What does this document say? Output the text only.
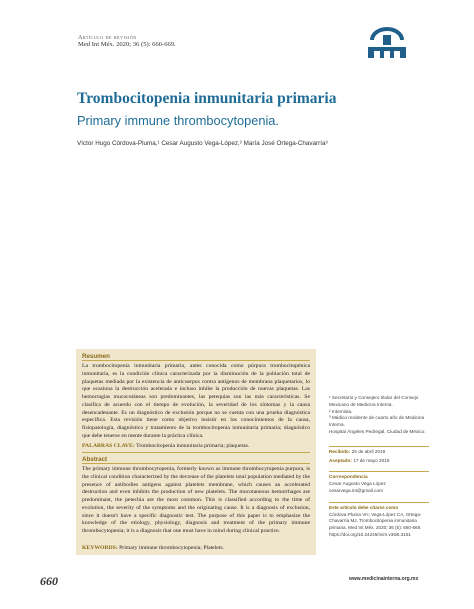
Artículo de revisión
Med Int Méx. 2020; 36 (5): 660-669.
Trombocitopenia inmunitaria primaria
Primary immune thrombocytopenia.
Víctor Hugo Córdova-Pluma,¹ Cesar Augusto Vega-López,² María José Ortega-Chavarría³
Resumen
La trombocitopenia inmunitaria primaria, antes conocida como púrpura trombocitopénica inmunitaria, es la condición clínica caracterizada por la disminución de la población total de plaquetas mediada por la existencia de anticuerpos contra antígenos de membrana plaquetarios, lo que ocasiona la destrucción acelerada e incluso inhibe la producción de nuevas plaquetas. Las hemorragias mucocutáneas son predominantes, las petequias son las más características. Se clasifica de acuerdo con el tiempo de evolución, la severidad de los síntomas y la causa desencadenante. Es un diagnóstico de exclusión porque no se cuenta con una prueba diagnóstica específica. Esta revisión tiene como objetivo insistir en los conocimientos de la causa, fisiopatología, diagnóstico y tratamiento de la trombocitopenia inmunitaria primaria; diagnóstico que debe tenerse en mente durante la práctica clínica.
PALABRAS CLAVE: Trombocitopenia inmunitaria primaria; plaquetas.
Abstract
The primary immune thrombocytopenia, formerly known as immune thrombocytopenia purpura, is the clinical condition characterized by the decrease of the platelets total population mediated by the presence of antibodies antigens against platelets membrane, which causes an accelerated destruction and even inhibits the production of new platelets. The mucotaneous hemorrhages are predominant, the petechia are the most common. This is classified according to the time of evolution, the severity of the symptoms and the originating cause. It is a diagnosis of exclusion, since it doesn't have a specific diagnostic test. The purpose of this paper is to emphasize the knowledge of the etiology, physiology, diagnosis and treatment of the primary immune thrombocytopenia; it is a diagnosis that one must have in mind during clinical practice.
KEYWORDS: Primary immune thrombocytopenia; Platelets.
¹ Secretario y Consejero titular del Consejo Mexicano de Medicina Interna.
² Internista.
³ Médico residente de cuarto año de Medicina Interna.
Hospital Ángeles Pedregal, Ciudad de México.
Recibido: 25 de abril 2019
Aceptado: 17 de mayo 2019
Correspondencia
Cesar Augusto Vega López
cesarvega.int@gmail.com
Este artículo debe citarse como
Córdova-Pluma VH, Vega-López CA, Ortega-Chavarría MJ. Trombocitopenia inmunitaria primaria. Med Int Méx. 2020; 36 (5): 660-669.
https://doi.org/10.24245/mim.v36i5.3151
660	www.medicinainterna.org.mx
